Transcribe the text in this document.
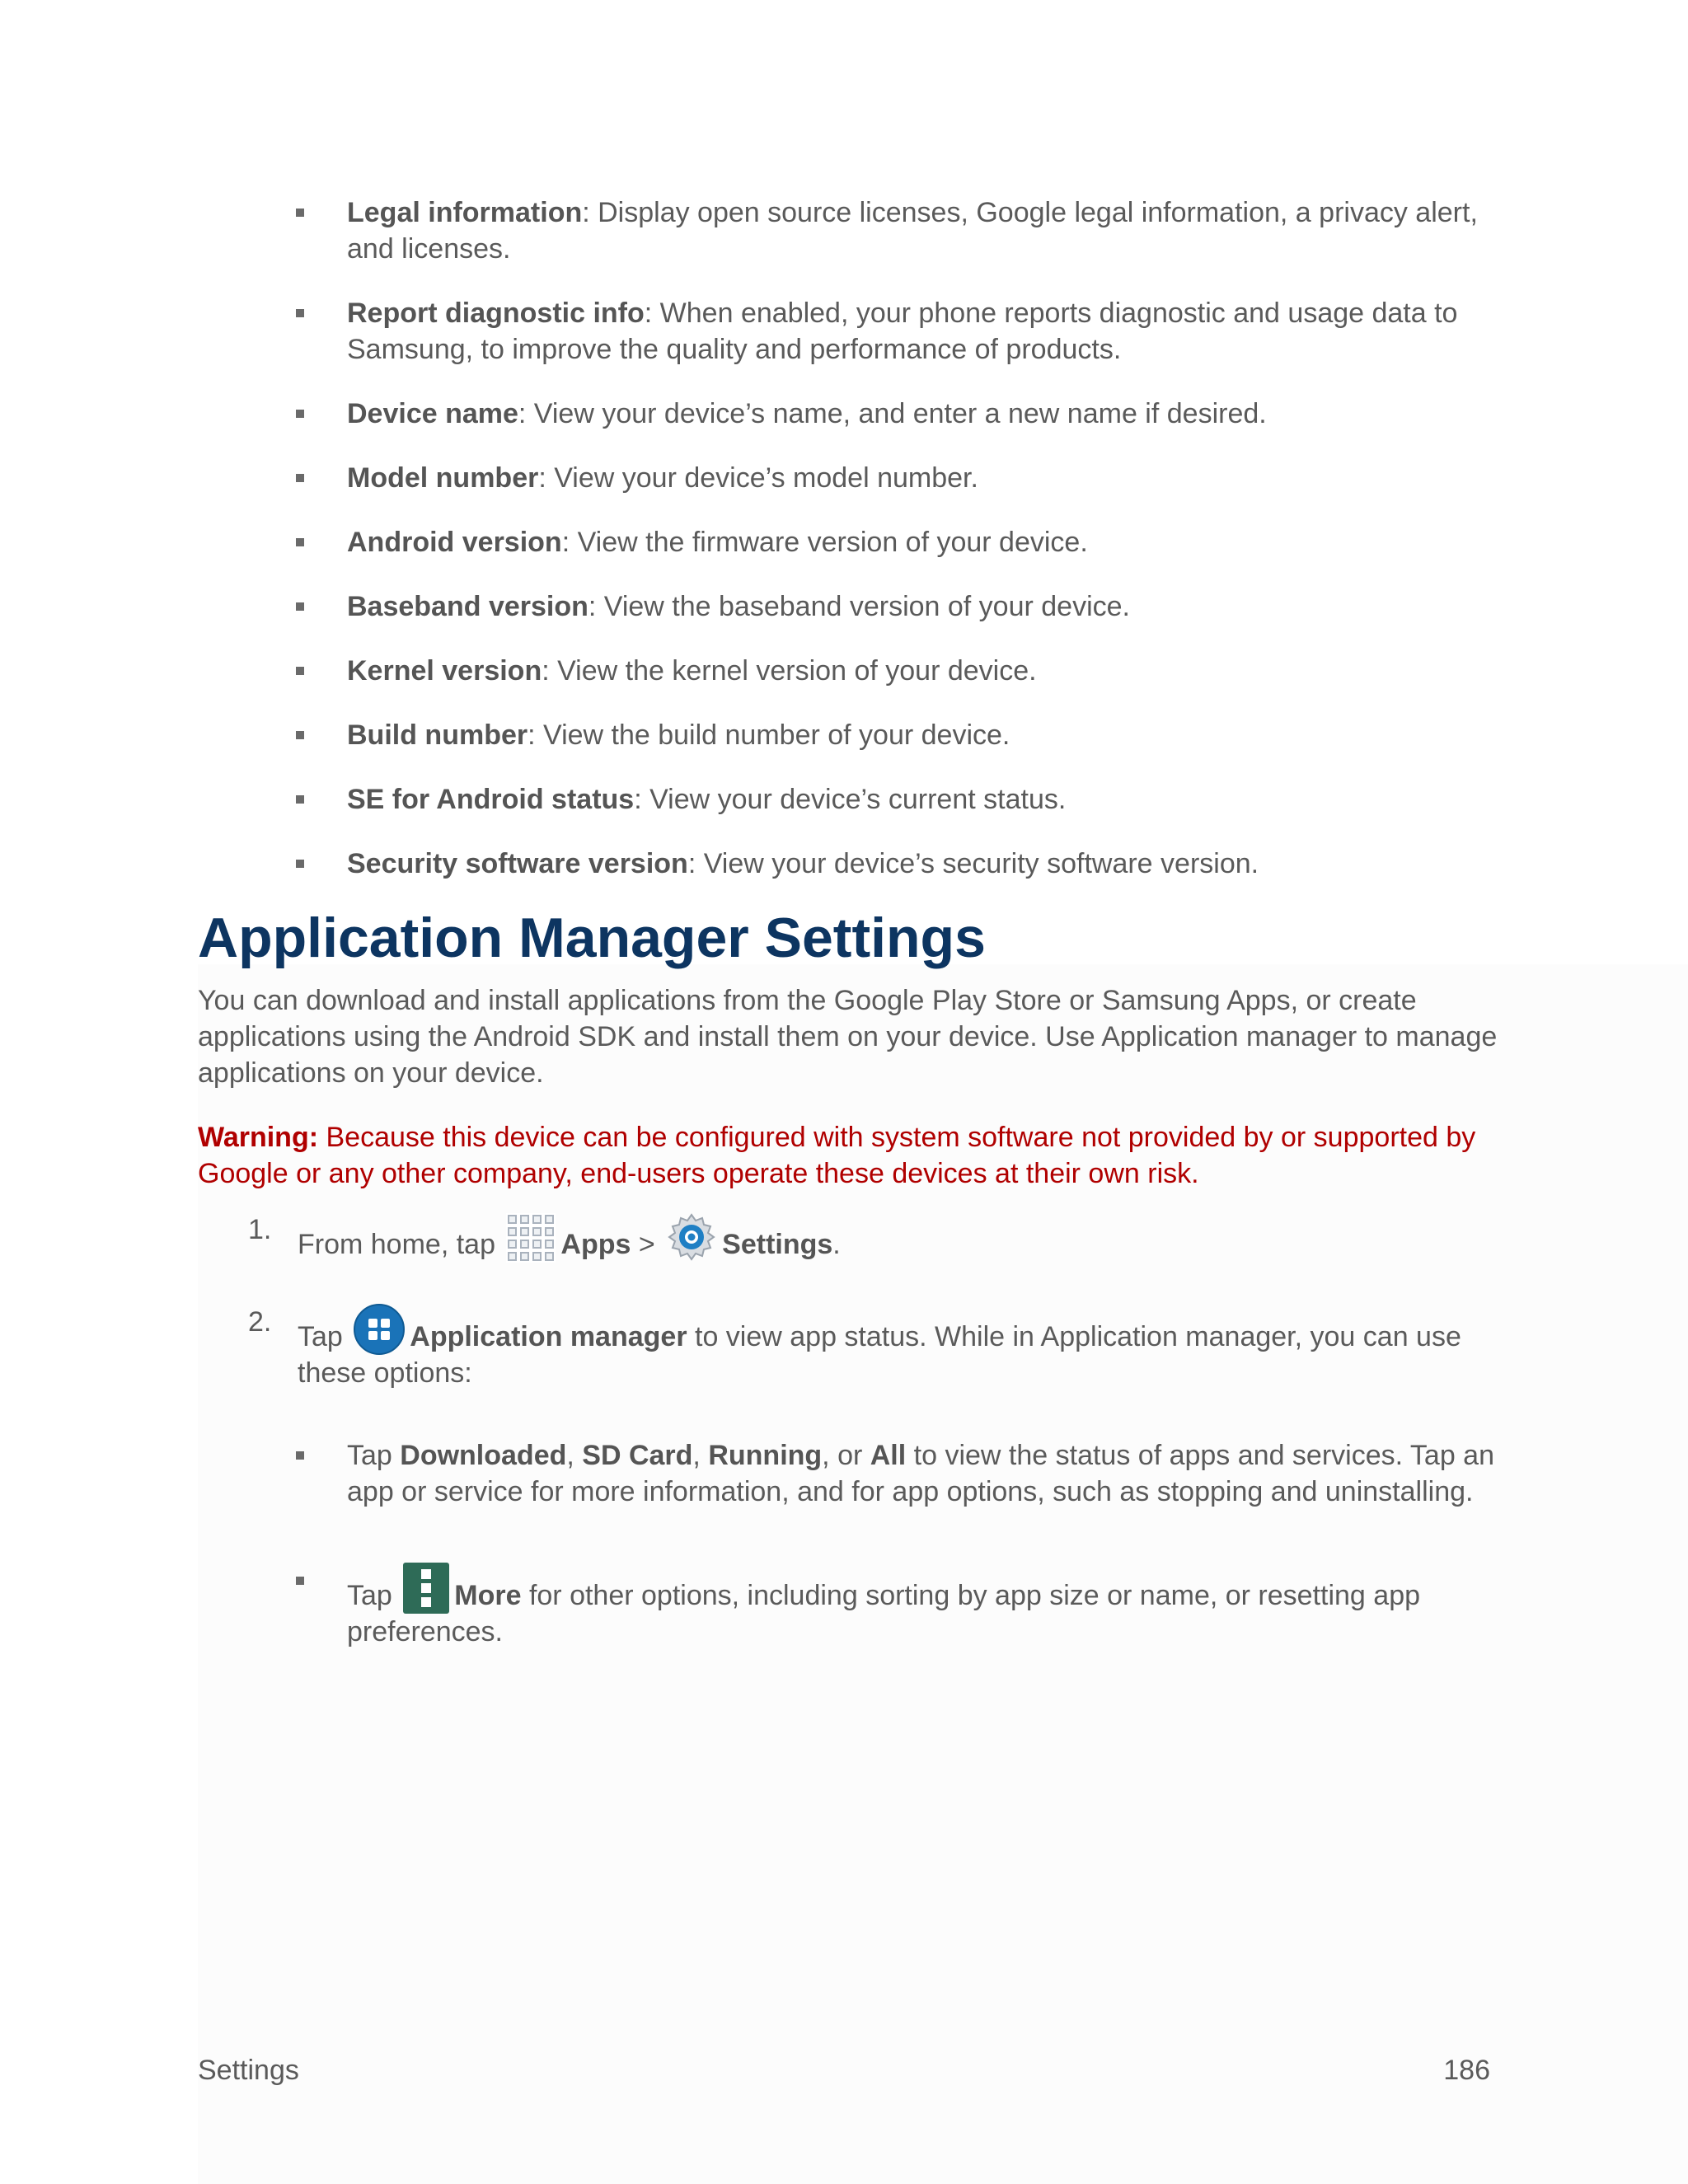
Legal information: Display open source licenses, Google legal information, a privacy alert, and licenses.
Report diagnostic info: When enabled, your phone reports diagnostic and usage data to Samsung, to improve the quality and performance of products.
Device name: View your device’s name, and enter a new name if desired.
Model number: View your device’s model number.
Android version: View the firmware version of your device.
Baseband version: View the baseband version of your device.
Kernel version: View the kernel version of your device.
Build number: View the build number of your device.
SE for Android status: View your device’s current status.
Security software version: View your device’s security software version.
Application Manager Settings
You can download and install applications from the Google Play Store or Samsung Apps, or create applications using the Android SDK and install them on your device. Use Application manager to manage applications on your device.
Warning: Because this device can be configured with system software not provided by or supported by Google or any other company, end-users operate these devices at their own risk.
1. From home, tap
Apps > Settings.
2. Tap Application manager to view app status. While in Application manager, you can use these options:
Tap Downloaded, SD Card, Running, or All to view the status of apps and services. Tap an app or service for more information, and for app options, such as stopping and uninstalling.
Tap More for other options, including sorting by app size or name, or resetting app preferences.
Settings	186
